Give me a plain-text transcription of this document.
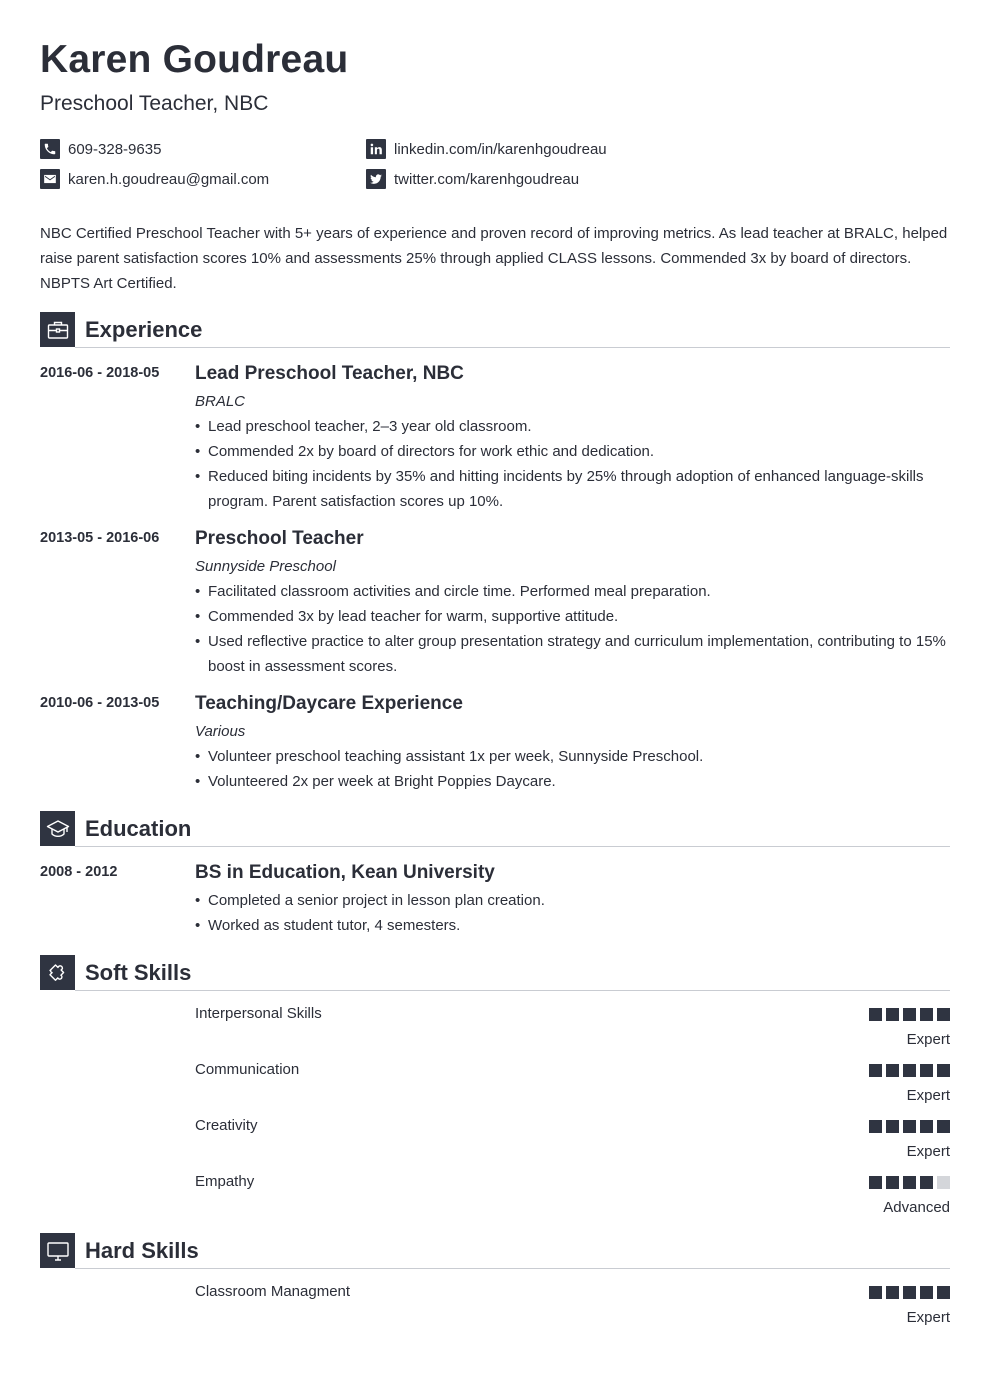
Karen Goudreau
Preschool Teacher, NBC
609-328-9635
karen.h.goudreau@gmail.com
linkedin.com/in/karenhgoudreau
twitter.com/karenhgoudreau

NBC Certified Preschool Teacher with 5+ years of experience and proven record of improving metrics. As lead teacher at BRALC, helped raise parent satisfaction scores 10% and assessments 25% through applied CLASS lessons. Commended 3x by board of directors. NBPTS Art Certified.

Experience
2016-06 - 2018-05 Lead Preschool Teacher, NBC
BRALC
• Lead preschool teacher, 2–3 year old classroom.
• Commended 2x by board of directors for work ethic and dedication.
• Reduced biting incidents by 35% and hitting incidents by 25% through adoption of enhanced language-skills program. Parent satisfaction scores up 10%.
2013-05 - 2016-06 Preschool Teacher
Sunnyside Preschool
• Facilitated classroom activities and circle time. Performed meal preparation.
• Commended 3x by lead teacher for warm, supportive attitude.
• Used reflective practice to alter group presentation strategy and curriculum implementation, contributing to 15% boost in assessment scores.
2010-06 - 2013-05 Teaching/Daycare Experience
Various
• Volunteer preschool teaching assistant 1x per week, Sunnyside Preschool.
• Volunteered 2x per week at Bright Poppies Daycare.
Education
2008 - 2012	BS in Education, Kean University
• Completed a senior project in lesson plan creation.
• Worked as student tutor, 4 semesters.
Soft Skills
Interpersonal Skills
Expert
Communication
Expert
Creativity
Expert
Empathy
Advanced
Hard Skills
Classroom Managment
Expert
